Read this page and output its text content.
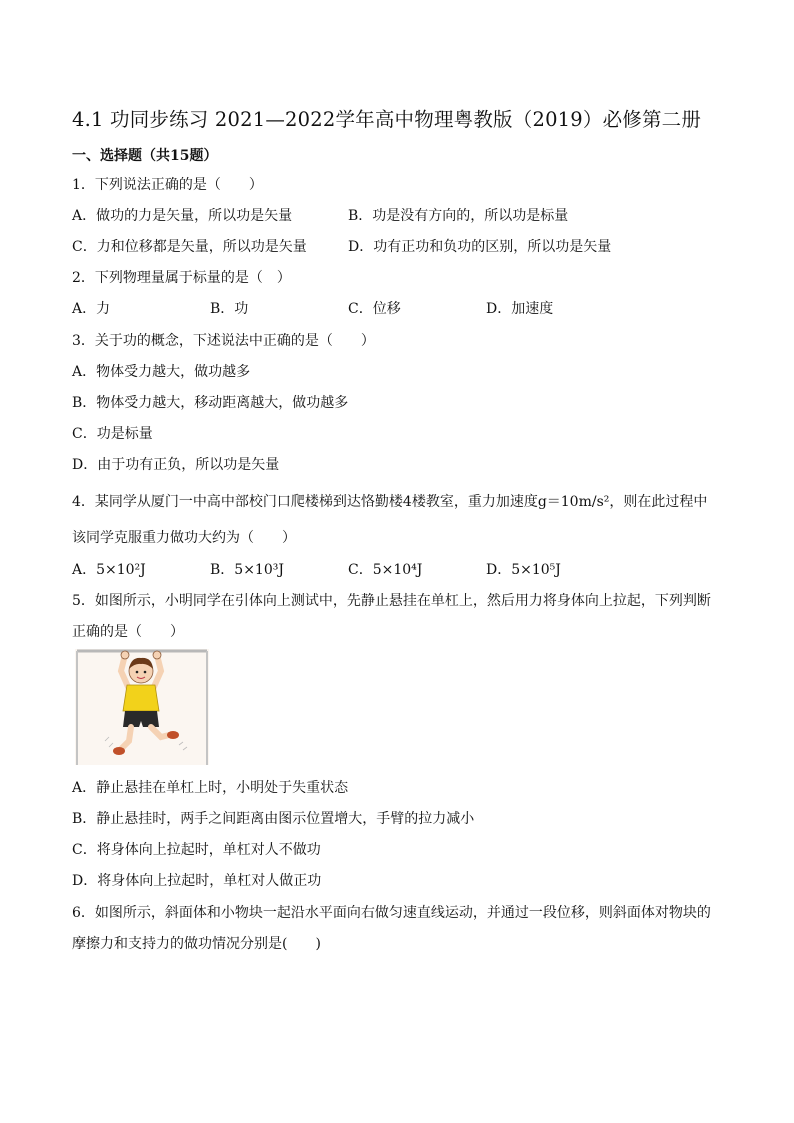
4.1 功同步练习 2021—2022学年高中物理粤教版（2019）必修第二册
一、选择题（共15题）
1．下列说法正确的是（　　）
A．做功的力是矢量，所以功是矢量	B．功是没有方向的，所以功是标量
C．力和位移都是矢量，所以功是矢量	D．功有正功和负功的区别，所以功是矢量
2．下列物理量属于标量的是（　）
A．力	B．功	C．位移	D．加速度
3．关于功的概念，下述说法中正确的是（　　）
A．物体受力越大，做功越多
B．物体受力越大，移动距离越大，做功越多
C．功是标量
D．由于功有正负，所以功是矢量
4．某同学从厦门一中高中部校门口爬楼梯到达恪勤楼4楼教室，重力加速度g＝10m/s²，则在此过程中
该同学克服重力做功大约为（　　）
A．5×10²J	B．5×10³J	C．5×10⁴J	D．5×10⁵J
5．如图所示，小明同学在引体向上测试中，先静止悬挂在单杠上，然后用力将身体向上拉起，下列判断
正确的是（　　）
A．静止悬挂在单杠上时，小明处于失重状态
B．静止悬挂时，两手之间距离由图示位置增大，手臂的拉力减小
C．将身体向上拉起时，单杠对人不做功
D．将身体向上拉起时，单杠对人做正功
6．如图所示，斜面体和小物块一起沿水平面向右做匀速直线运动，并通过一段位移，则斜面体对物块的
摩擦力和支持力的做功情况分别是(　　)
